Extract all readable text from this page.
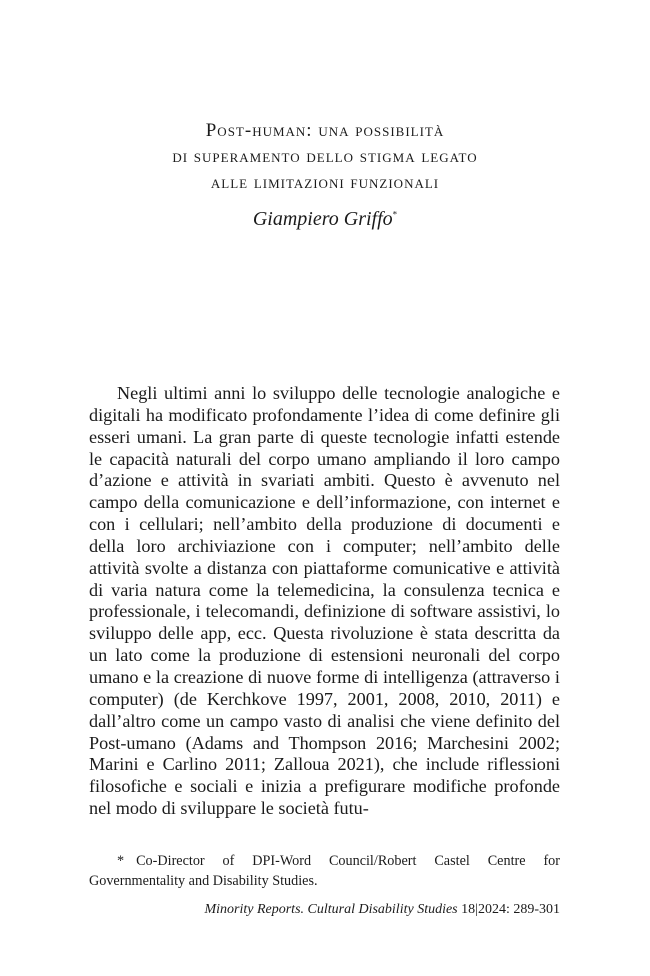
Post-human: una possibilità
di superamento dello stigma legato
alle limitazioni funzionali
Giampiero Griffo*

Negli ultimi anni lo sviluppo delle tecnologie analogiche e digitali ha modificato profondamente l’idea di come definire gli esseri umani. La gran parte di queste tecnologie infatti estende le capacità naturali del corpo umano ampliando il loro campo d’azione e attività in svariati ambiti. Questo è avvenuto nel campo della comunicazione e dell’informazione, con internet e con i cellulari; nell’ambito della produzione di documenti e della loro archiviazione con i computer; nell’ambito delle attività svolte a distanza con piattaforme comunicative e attività di varia natura come la telemedicina, la consulenza tecnica e professionale, i telecomandi, definizione di software assistivi, lo sviluppo delle app, ecc. Questa rivoluzione è stata descritta da un lato come la produzione di estensioni neuronali del corpo umano e la creazione di nuove forme di intelligenza (attraverso i computer) (de Kerchkove 1997, 2001, 2008, 2010, 2011) e dall’altro come un campo vasto di analisi che viene definito del Post-umano (Adams and Thompson 2016; Marchesini 2002; Marini e Carlino 2011; Zalloua 2021), che include riflessioni filosofiche e sociali e inizia a prefigurare modifiche profonde nel modo di sviluppare le società futu-

* Co-Director of DPI-Word Council/Robert Castel Centre for Governmentality and Disability Studies.
Minority Reports. Cultural Disability Studies 18|2024: 289-301
